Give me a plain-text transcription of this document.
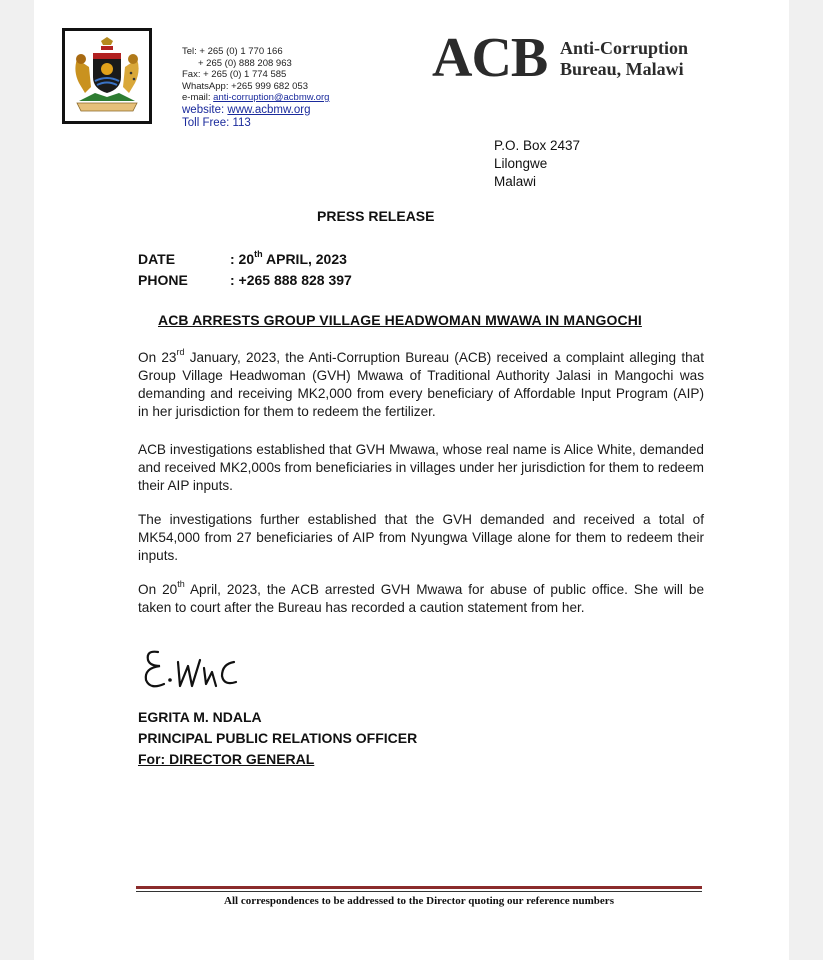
Tel: + 265 (0) 1 770 166
+ 265 (0) 888 208 963
Fax: + 265 (0) 1 774 585
WhatsApp: +265 999 682 053
e-mail: anti-corruption@acbmw.org
website: www.acbmw.org
Toll Free: 113
ACB Anti-Corruption
Bureau, Malawi
P.O. Box 2437
Lilongwe
Malawi
PRESS RELEASE
DATE	: 20th APRIL, 2023
PHONE	: +265 888 828 397
ACB ARRESTS GROUP VILLAGE HEADWOMAN MWAWA IN MANGOCHI
On 23rd January, 2023, the Anti-Corruption Bureau (ACB) received a complaint alleging that Group Village Headwoman (GVH) Mwawa of Traditional Authority Jalasi in Mangochi was demanding and receiving MK2,000 from every beneficiary of Affordable Input Program (AIP) in her jurisdiction for them to redeem the fertilizer.
ACB investigations established that GVH Mwawa, whose real name is Alice White, demanded and received MK2,000s from beneficiaries in villages under her jurisdiction for them to redeem their AIP inputs.
The investigations further established that the GVH demanded and received a total of MK54,000 from 27 beneficiaries of AIP from Nyungwa Village alone for them to redeem their inputs.
On 20th April, 2023, the ACB arrested GVH Mwawa for abuse of public office. She will be taken to court after the Bureau has recorded a caution statement from her.
EGRITA M. NDALA
PRINCIPAL PUBLIC RELATIONS OFFICER
For: DIRECTOR GENERAL
All correspondences to be addressed to the Director quoting our reference numbers
